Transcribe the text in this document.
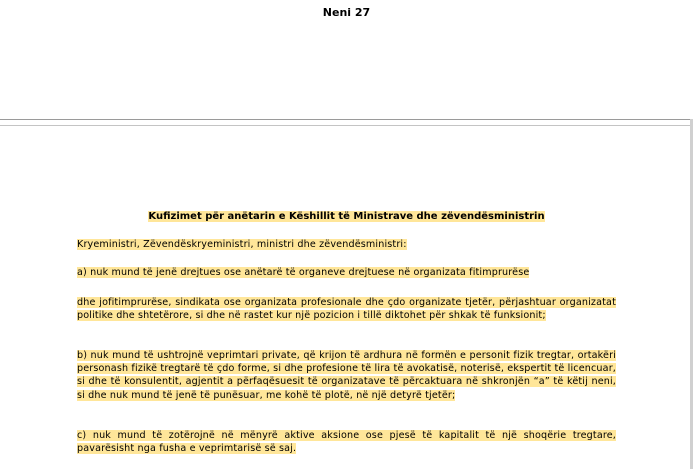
Neni 27
Kufizimet për anëtarin e Këshillit të Ministrave dhe zëvendësministrin
Kryeministri, Zëvendëskryeministri, ministri dhe zëvendësministri:
a) nuk mund të jenë drejtues ose anëtarë të organeve drejtuese në organizata fitimprurëse
dhe jofitimprurëse, sindikata ose organizata profesionale dhe çdo organizate tjetër, përjashtuar organizatat politike dhe shtetërore, si dhe në rastet kur një pozicion i tillë diktohet për shkak të funksionit;
b) nuk mund të ushtrojnë veprimtari private, që krijon të ardhura në formën e personit fizik tregtar, ortakëri personash fizikë tregtarë të çdo forme, si dhe profesione të lira të avokatisë, noterisë, ekspertit të licencuar, si dhe të konsulentit, agjentit a përfaqësuesit të organizatave të përcaktuara në shkronjën “a” të këtij neni, si dhe nuk mund të jenë të punësuar, me kohë të plotë, në një detyrë tjetër;
c) nuk mund të zotërojnë në mënyrë aktive aksione ose pjesë të kapitalit të një shoqërie tregtare, pavarësisht nga fusha e veprimtarisë së saj.
